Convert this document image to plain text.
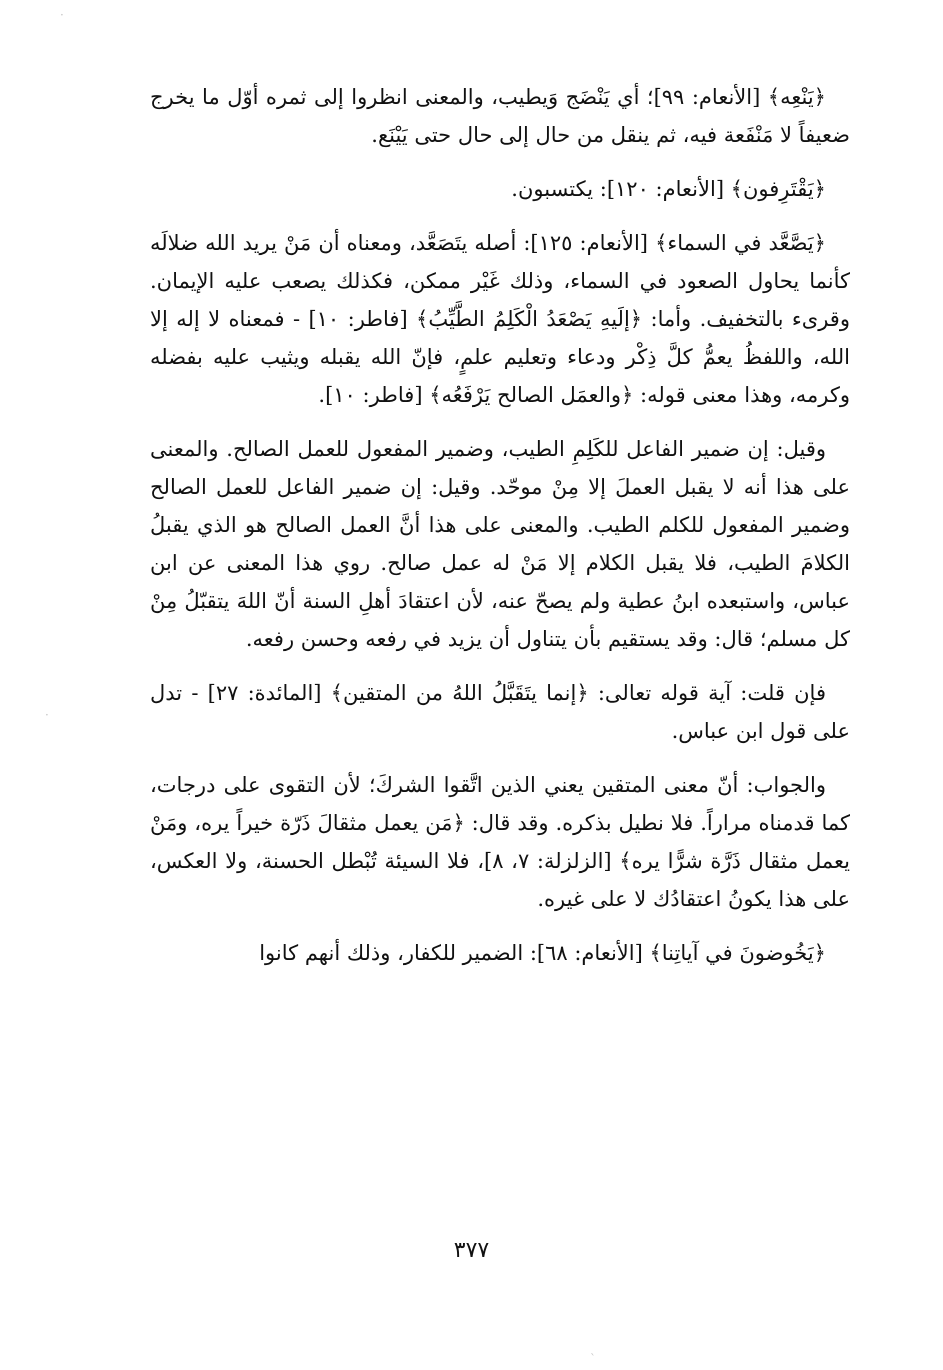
·
·
`

﴿يَنْعِه﴾ [الأنعام: ٩٩]؛ أي يَنْضَج وَيطيب، والمعنى انظروا إلى ثمره أوّل ما يخرج ضعيفاً لا مَنْفَعة فيه، ثم ينقل من حال إلى حال حتى يَيْنَع.

﴿يَقْتَرِفون﴾ [الأنعام: ١٢٠]: يكتسبون.

﴿يَصَّعَّد في السماء﴾ [الأنعام: ١٢٥]: أصله يتَصَعَّد، ومعناه أن مَنْ يريد الله ضلالَه كأنما يحاول الصعود في السماء، وذلك غَيْر ممكن، فكذلك يصعب عليه الإيمان. وقرىء بالتخفيف. وأما: ﴿إلَيهِ يَصْعَدُ الْكَلِمُ الطَّيِّبُ﴾ [فاطر: ١٠] - فمعناه لا إله إلا الله، واللفظُ يعمُّ كلَّ ذِكْر ودعاء وتعليم علمٍ، فإنّ الله يقبله ويثيب عليه بفضله وكرمه، وهذا معنى قوله: ﴿والعمَل الصالح يَرْفَعُه﴾ [فاطر: ١٠].

وقيل: إن ضمير الفاعل للكَلِمِ الطيب، وضمير المفعول للعمل الصالح. والمعنى على هذا أنه لا يقبل العملَ إلا مِنْ موحّد. وقيل: إن ضمير الفاعل للعمل الصالح وضمير المفعول للكلم الطيب. والمعنى على هذا أنَّ العمل الصالح هو الذي يقبلُ الكلامَ الطيب، فلا يقبل الكلام إلا مَنْ له عمل صالح. روي هذا المعنى عن ابن عباس، واستبعده ابنُ عطية ولم يصحّ عنه، لأن اعتقادَ أهلِ السنة أنّ اللهَ يتقبّلُ مِنْ كل مسلم؛ قال: وقد يستقيم بأن يتناول أن يزيد في رفعه وحسن رفعه.

فإن قلت: آية قوله تعالى: ﴿إنما يتَقَبَّلُ اللهُ من المتقين﴾ [المائدة: ٢٧] - تدل على قول ابن عباس.

والجواب: أنّ معنى المتقين يعني الذين اتَّقوا الشركَ؛ لأن التقوى على درجات، كما قدمناه مراراً. فلا نطيل بذكره. وقد قال: ﴿مَن يعمل مثقالَ ذَرّة خيراً يره، ومَنْ يعمل مثقال ذَرَّة شرًّا يره﴾ [الزلزلة: ٧، ٨]، فلا السيئة تُبْطل الحسنة، ولا العكس، على هذا يكونُ اعتقادُك لا على غيره.

﴿يَخُوضونَ في آياتِنا﴾ [الأنعام: ٦٨]: الضمير للكفار، وذلك أنهم كانوا

٣٧٧
